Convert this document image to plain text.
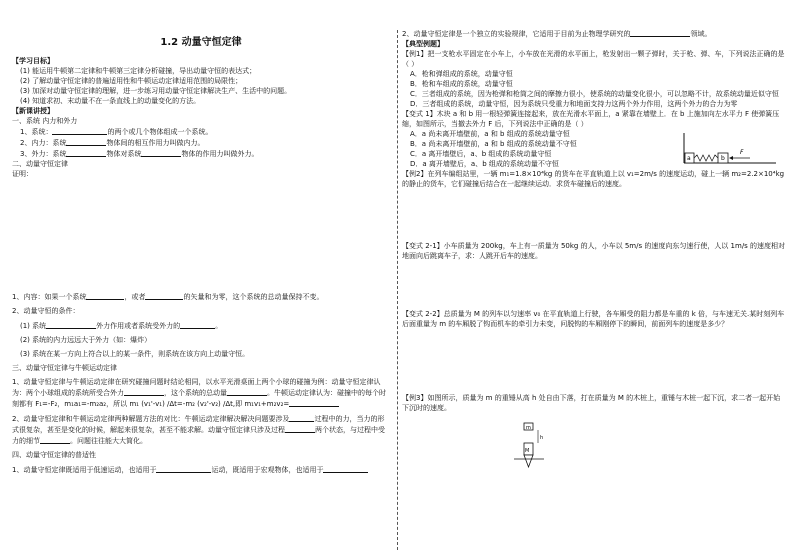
1.2 动量守恒定律

【学习目标】

(1) 能运用牛顿第二定律和牛顿第三定律分析碰撞，导出动量守恒的表达式；

(2) 了解动量守恒定律的普遍适用性和牛顿运动定律适用范围的局限性；

(3) 加深对动量守恒定律的理解，进一步练习用动量守恒定律解决生产、生活中的问题。

(4) 知道求初、末动量不在一条直线上的动量变化的方法。

【新课讲授】

一、系统 内力和外力

1、系统：	的两个或几个物体组成一个系统。

2、内力：系统	物体间的相互作用力叫做内力。

3、外力：系统	物体对系统	物体的作用力叫做外力。

二、动量守恒定律

证明：

1、内容：如果一个系统	，或者	的矢量和为零，这个系统的总动量保持不变。

2、动量守恒的条件：

(1) 系统	外力作用或者系统受外力的	。

(2) 系统的内力远远大于外力（如：爆炸）

(3) 系统在某一方向上符合以上的某一条件，则系统在该方向上动量守恒。

三、动量守恒定律与牛顿运动定律

1、动量守恒定律与牛顿运动定律在研究碰撞问题时结论相同，以水平光滑桌面上两个小球的碰撞为例：动量守恒定律认为：两个小球组成的系统所受合外力	，这个系统的总动量	。牛顿运动定律认为：碰撞中的每个时刻都有 F₁=-F₂，m₁a₁=-m₂a₂，所以 m₁ (v₁'-v₁) /Δt=-m₂ (v₂'-v₂) /Δt,即 m₁v₁+m₂v₂=

2、动量守恒定律和牛顿运动定律两种解题方法的对比：牛顿运动定律解决解决问题要涉及	过程中的力，当力的形式很复杂，甚至是变化的时候，解起来很复杂，甚至不能求解。动量守恒定律只涉及过程	两个状态，与过程中受力的细节	。问题往往能大大简化。

四、动量守恒定律的普适性

1、动量守恒定律既适用于低速运动，也适用于	运动，既适用于宏观物体，也适用于

2、动量守恒定律是一个独立的实验规律，它适用于目前为止物理学研究的	领域。

【典型例题】

【例1】把一支枪水平固定在小车上，小车放在光滑的水平面上，枪发射出一颗子弹时，关于枪、弹、车，下列说法正确的是（ ）

A．枪和弹组成的系统，动量守恒

B．枪和车组成的系统，动量守恒

C．三者组成的系统，因为枪弹和枪筒之间的摩擦力很小，使系统的动量变化很小，可以忽略不计，故系统动量近似守恒

D．三者组成的系统，动量守恒，因为系统只受重力和地面支持力这两个外力作用，这两个外力的合力为零

【变式 1】木块 a 和 b 用一根轻弹簧连接起来，放在光滑水平面上，a 紧靠在墙壁上．在 b 上施加向左水平力 F 使弹簧压缩，如图所示，当撤去外力 F 后，下列说法中正确的是（ ）

A．a 尚未离开墙壁前，a 和 b 组成的系统动量守恒

B．a 尚未离开墙壁前，a 和 b 组成的系统动量不守恒

C．a 离开墙壁后，a、b 组成的系统动量守恒

D．a 离开墙壁后，a、b 组成的系统动量不守恒

a	b
F

【例2】在列车编组站里，一辆 m₁=1.8×10⁴kg 的货车在平直轨道上以 v₁=2m/s 的速度运动，碰上一辆 m₂=2.2×10⁴kg 的静止的货车，它们碰撞后结合在一起继续运动．求货车碰撞后的速度。

【变式 2-1】小车质量为 200kg，车上有一质量为 50kg 的人，小车以 5m/s 的速度向东匀速行使，人以 1m/s 的速度相对地面向后跳离车子，求：人跳开后车的速度。

【变式 2-2】总质量为 M 的列车以匀速率 v₀ 在平直轨道上行驶，各车厢受的阻力都是车重的 k 倍，与车速无关.某时刻列车后面重量为 m 的车厢脱了钩而机车的牵引力未变，问脱钩的车厢刚停下的瞬间，前面列车的速度是多少？

【例3】如图所示，质量为 m 的重锤从高 h 处自由下落，打在质量为 M 的木桩上，重锤与木桩一起下沉，求二者一起开始下沉时的速度。

m
h
M
